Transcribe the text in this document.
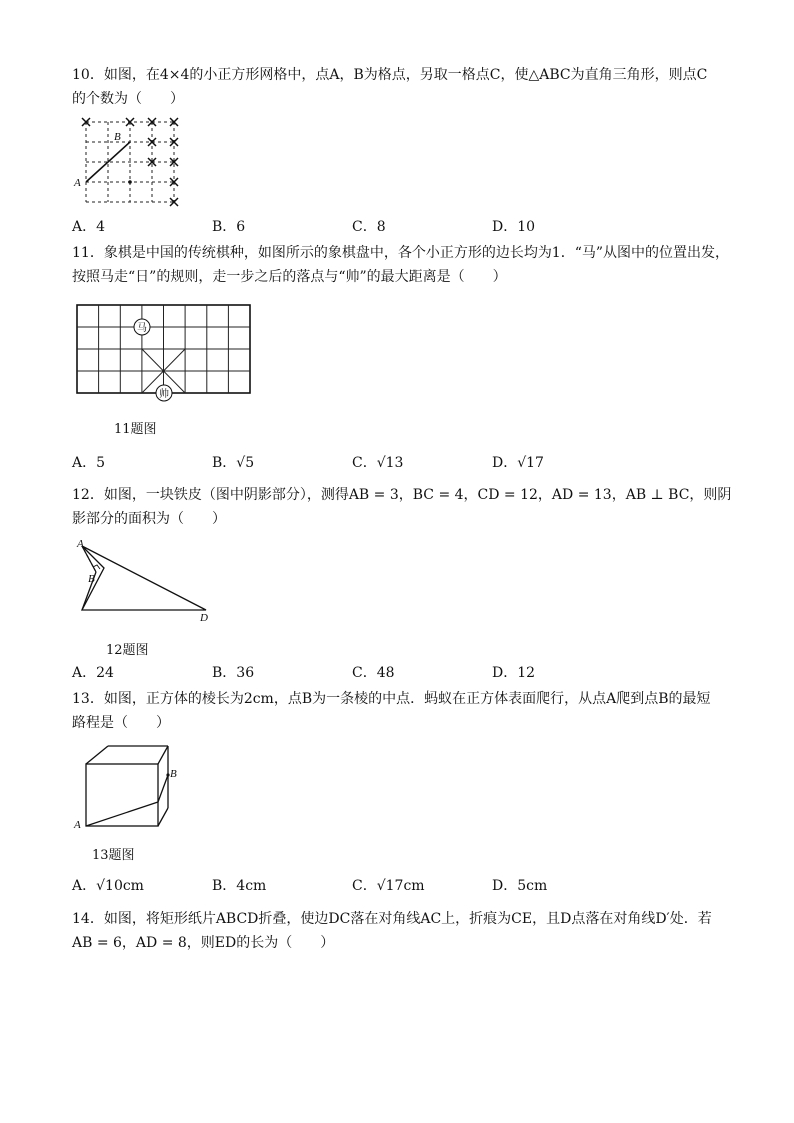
10．如图，在4×4的小正方形网格中，点A，B为格点，另取一格点C，使△ABC为直角三角形，则点C
的个数为（　　）
A
B
A．4	B．6	C．8	D．10
11．象棋是中国的传统棋种，如图所示的象棋盘中，各个小正方形的边长均为1．“马”从图中的位置出发，
按照马走“日”的规则，走一步之后的落点与“帅”的最大距离是（　　）
马
帅
11题图
A．5	B．√5	C．√13	D．√17
12．如图，一块铁皮（图中阴影部分），测得AB = 3，BC = 4，CD = 12，AD = 13，AB ⊥ BC，则阴
影部分的面积为（　　）
A
B
D
12题图
A．24	B．36	C．48	D．12
13．如图，正方体的棱长为2cm，点B为一条棱的中点．蚂蚁在正方体表面爬行，从点A爬到点B的最短
路程是（　　）
A
B
13题图
A．√10cm	B．4cm	C．√17cm	D．5cm
14．如图，将矩形纸片ABCD折叠，使边DC落在对角线AC上，折痕为CE，且D点落在对角线D′处．若
AB = 6，AD = 8，则ED的长为（　　）
